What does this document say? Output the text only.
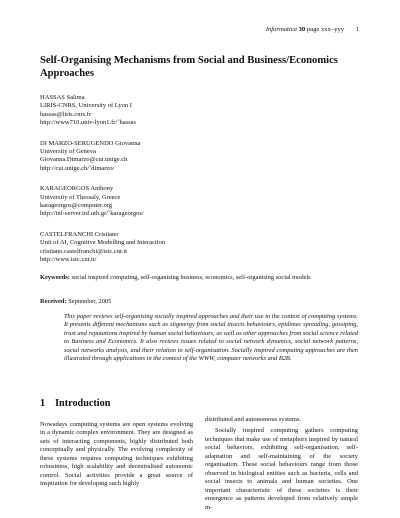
Informatica 30 page xxx–yyy 1
Self-Organising Mechanisms from Social and Business/Economics Approaches
HASSAS Salima
LIRIS-CNRS, University of Lyon I
hassas@liris.cnrs.fr
http://www710.univ-lyon1.fr/˜hassas
DI MARZO-SERUGENDO Giovanna
University of Geneva
Giovanna.Dimarzo@cui.unige.ch
http://cui.unige.ch/˜dimarzo/
KARAGEORGOS Anthony
University of Thessaly, Greece
karageorgos@computer.org
http://inf-server.inf.uth.gr/˜karageorgos/
CASTELFRANCHI Cristiano
Unit of AI, Cognitive Modelling and Interaction
cristiano.castelfranchi@istc.cnr.it
http://www.istc.cnr.it/
Keywords: social inspired computing, self-organising business, economics, self-organising social models
Received: September, 2005
This paper reviews self-organising socially inspired approaches and their use in the context of computing systems. It presents different mechanisms such as stigmergy from social insects behaviours, epidimec spreading, gossiping, trust and reputations inspired by human social behaviours, as well as other approaches from social science related to Business and Economics. It also reviews issues related to social network dynamics, social network patterns, social networks analysis, and their relation to self-organisation. Socially inspired computing approaches are then illustrated through applications in the context of the WWW, computer networks and B2B.
1 Introduction

Nowadays computing systems are open systems evolving in a dynamic complex environment. They are designed as sets of interacting components, highly distributed both conceptually and physically. The evolving complexity of these systems requires computing techniques exhibiting robustness, high scalability and decentralised autonomic control. Social activities provide a great source of inspiration for developing such highly

distributed and autonomous systems.

Socially inspired computing gathers computing techniques that make use of metaphors inspired by natural social behaviors, exhibiting self-organisation, self-adaptation and self-maintaining of the society organisation. These social behaviours range from those observed in biological entities such as bacteria, cells and social insects to animals and human societies. One important characteristic of these societies is their emergence as patterns developed from relatively simple in-
